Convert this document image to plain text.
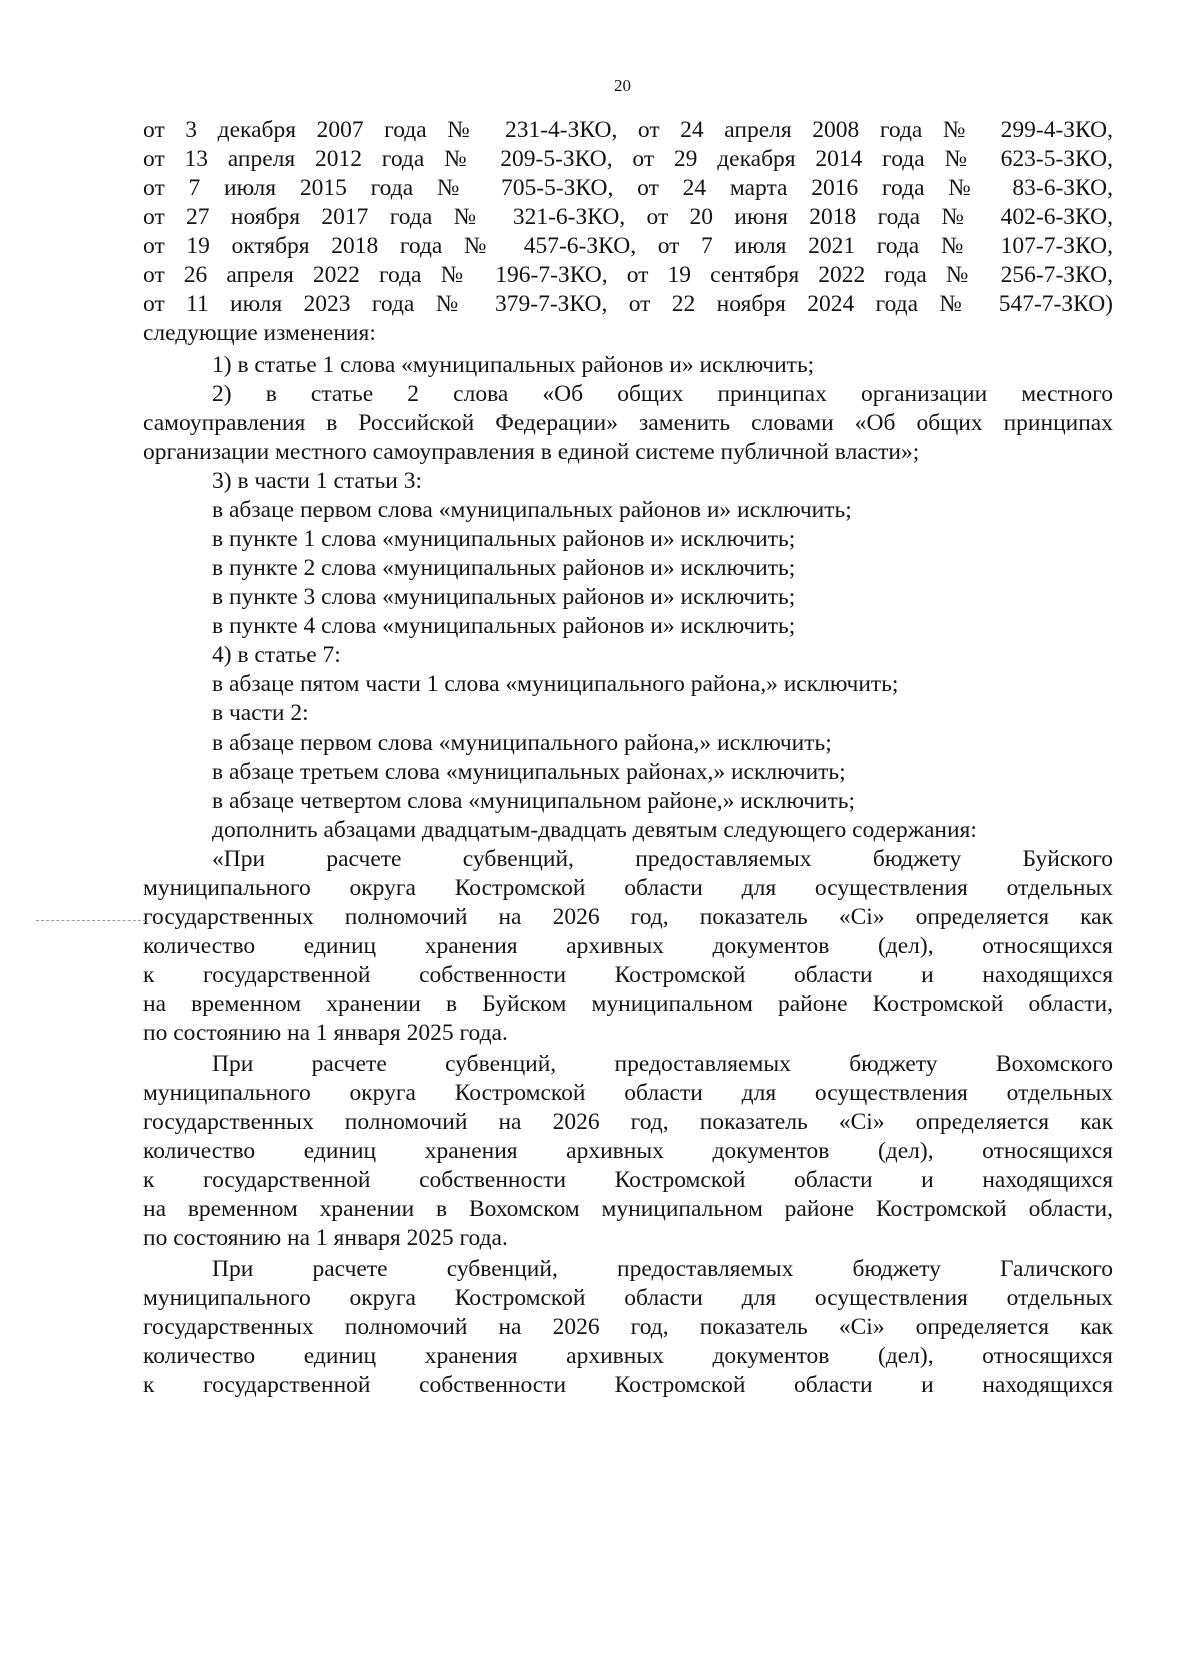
20
от 3 декабря 2007 года № 231-4-ЗКО, от 24 апреля 2008 года № 299-4-ЗКО,
от 13 апреля 2012 года № 209-5-ЗКО, от 29 декабря 2014 года № 623-5-ЗКО,
от 7 июля 2015 года № 705-5-ЗКО, от 24 марта 2016 года № 83-6-ЗКО,
от 27 ноября 2017 года № 321-6-ЗКО, от 20 июня 2018 года № 402-6-ЗКО,
от 19 октября 2018 года № 457-6-ЗКО, от 7 июля 2021 года № 107-7-ЗКО,
от 26 апреля 2022 года № 196-7-ЗКО, от 19 сентября 2022 года № 256-7-ЗКО,
от 11 июля 2023 года № 379-7-ЗКО, от 22 ноября 2024 года № 547-7-ЗКО)
следующие изменения:
1) в статье 1 слова «муниципальных районов и» исключить;
2) в статье 2 слова «Об общих принципах организации местного
самоуправления в Российской Федерации» заменить словами «Об общих принципах
организации местного самоуправления в единой системе публичной власти»;
3) в части 1 статьи 3:
в абзаце первом слова «муниципальных районов и» исключить;
в пункте 1 слова «муниципальных районов и» исключить;
в пункте 2 слова «муниципальных районов и» исключить;
в пункте 3 слова «муниципальных районов и» исключить;
в пункте 4 слова «муниципальных районов и» исключить;
4) в статье 7:
в абзаце пятом части 1 слова «муниципального района,» исключить;
в части 2:
в абзаце первом слова «муниципального района,» исключить;
в абзаце третьем слова «муниципальных районах,» исключить;
в абзаце четвертом слова «муниципальном районе,» исключить;
дополнить абзацами двадцатым-двадцать девятым следующего содержания:
«При расчете субвенций, предоставляемых бюджету Буйского
муниципального округа Костромской области для осуществления отдельных
государственных полномочий на 2026 год, показатель «Ci» определяется как
количество единиц хранения архивных документов (дел), относящихся
к государственной собственности Костромской области и находящихся
на временном хранении в Буйском муниципальном районе Костромской области,
по состоянию на 1 января 2025 года.
При расчете субвенций, предоставляемых бюджету Вохомского
муниципального округа Костромской области для осуществления отдельных
государственных полномочий на 2026 год, показатель «Ci» определяется как
количество единиц хранения архивных документов (дел), относящихся
к государственной собственности Костромской области и находящихся
на временном хранении в Вохомском муниципальном районе Костромской области,
по состоянию на 1 января 2025 года.
При расчете субвенций, предоставляемых бюджету Галичского
муниципального округа Костромской области для осуществления отдельных
государственных полномочий на 2026 год, показатель «Ci» определяется как
количество единиц хранения архивных документов (дел), относящихся
к государственной собственности Костромской области и находящихся
